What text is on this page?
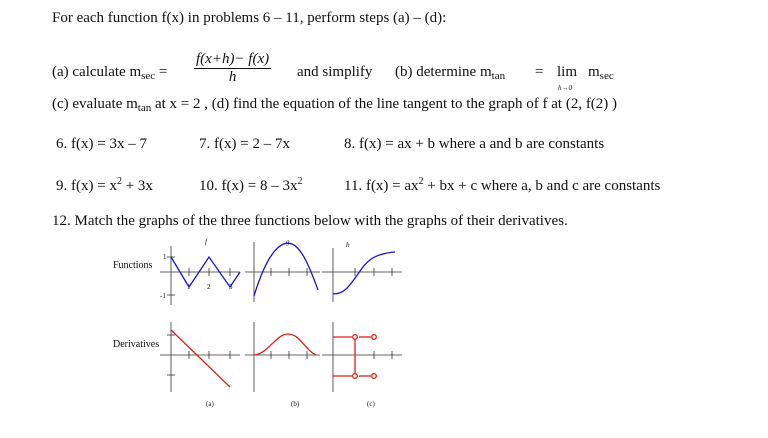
For each function f(x) in problems 6 – 11, perform steps (a) – (d):
(a) calculate $m_{sec} = \frac{f(x+h)- f(x)}{h}$ and simplify (b) determine $m_{tan} = \lim$
h→0
$m_{sec}$
(c) evaluate $m_{tan}$ at x = 2 , (d) find the equation of the line tangent to the graph of f at (2, f(2) )
6. f(x) = 3x – 7	7. f(x) = 2 – 7x	8. f(x) = ax + b where a and b are constants
9. $f(x) = x^2 + 3x$	10. $f(x) = 8 - 3x^2$	11. $f(x) = ax^2$ + bx + c where a, b and c are constants
12. Match the graphs of the three functions below with the graphs of their derivatives.
Functions
Derivatives
f	g	h
1
-1
1 2	3
(a)	(b)	(c)
